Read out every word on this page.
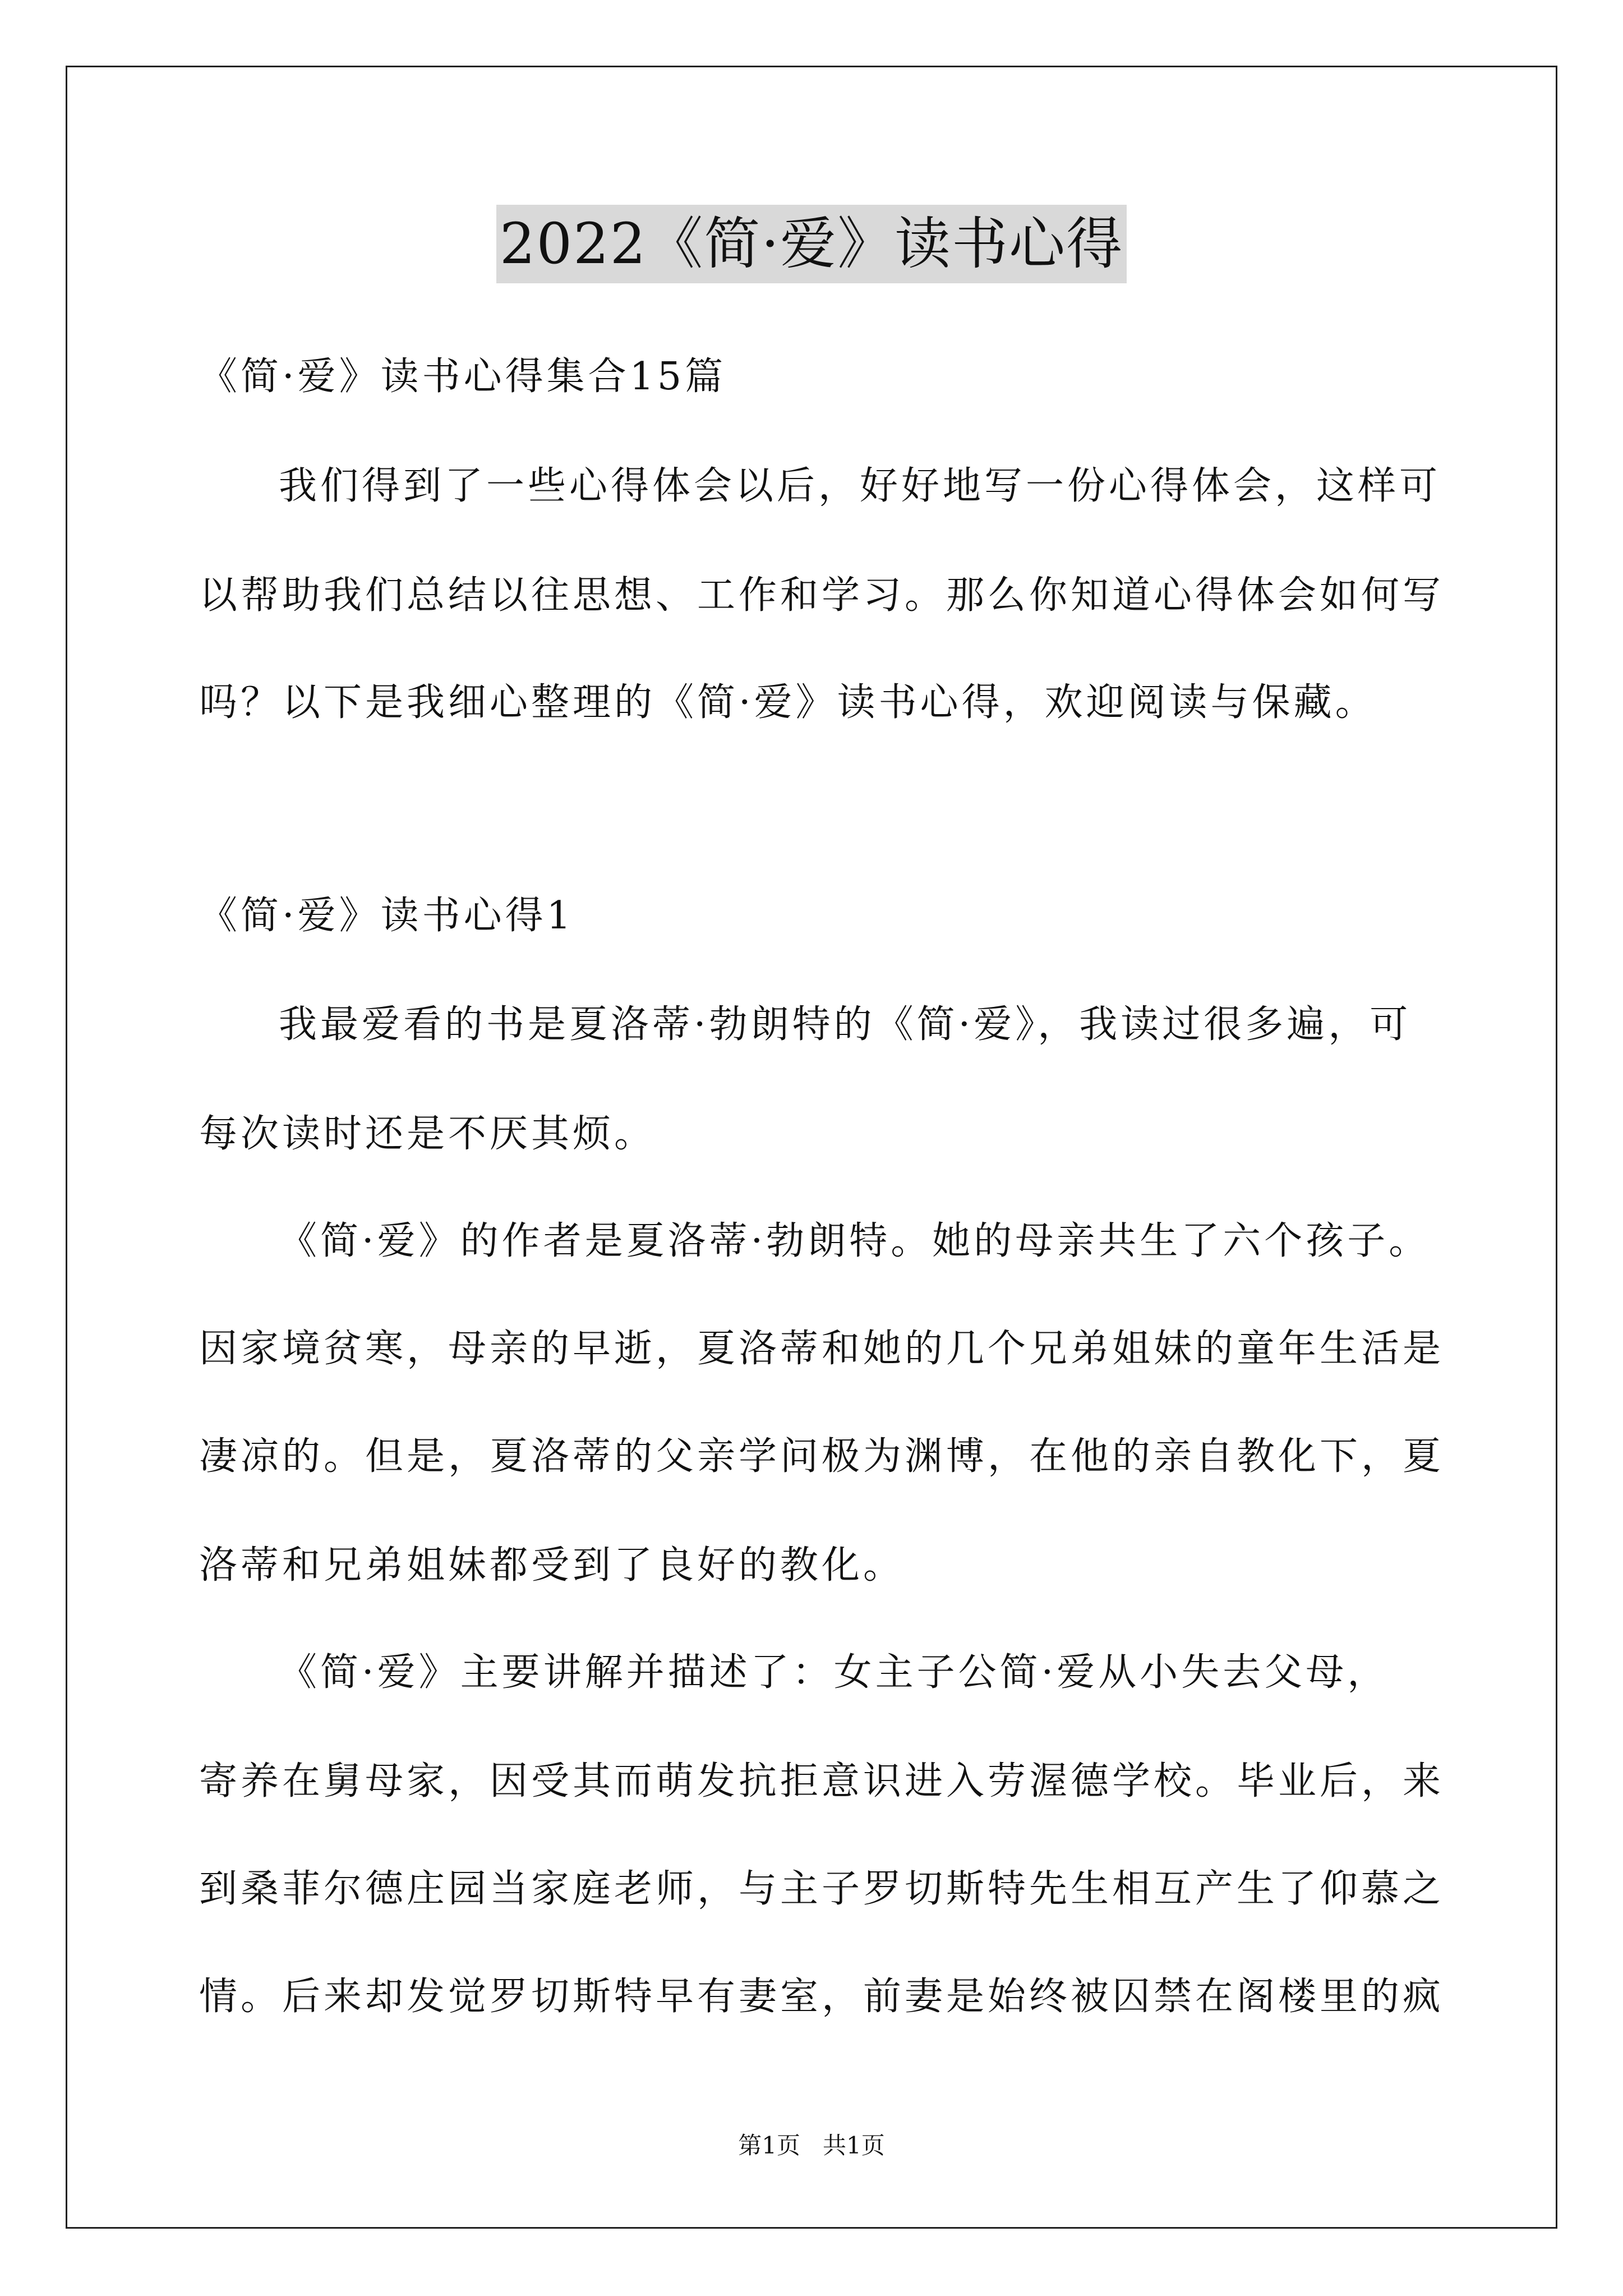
2022《简·爱》读书心得
《简·爱》读书心得集合15篇
我们得到了一些心得体会以后，好好地写一份心得体会，这样可
以帮助我们总结以往思想、工作和学习。那么你知道心得体会如何写
吗？以下是我细心整理的《简·爱》读书心得，欢迎阅读与保藏。
《简·爱》读书心得1
我最爱看的书是夏洛蒂·勃朗特的《简·爱》，我读过很多遍，可
每次读时还是不厌其烦。
《简·爱》的作者是夏洛蒂·勃朗特。她的母亲共生了六个孩子。
因家境贫寒，母亲的早逝，夏洛蒂和她的几个兄弟姐妹的童年生活是
凄凉的。但是，夏洛蒂的父亲学问极为渊博，在他的亲自教化下，夏
洛蒂和兄弟姐妹都受到了良好的教化。
《简·爱》主要讲解并描述了：女主子公简·爱从小失去父母，
寄养在舅母家，因受其而萌发抗拒意识进入劳渥德学校。毕业后，来
到桑菲尔德庄园当家庭老师，与主子罗切斯特先生相互产生了仰慕之
情。后来却发觉罗切斯特早有妻室，前妻是始终被囚禁在阁楼里的疯
第1页   共1页
